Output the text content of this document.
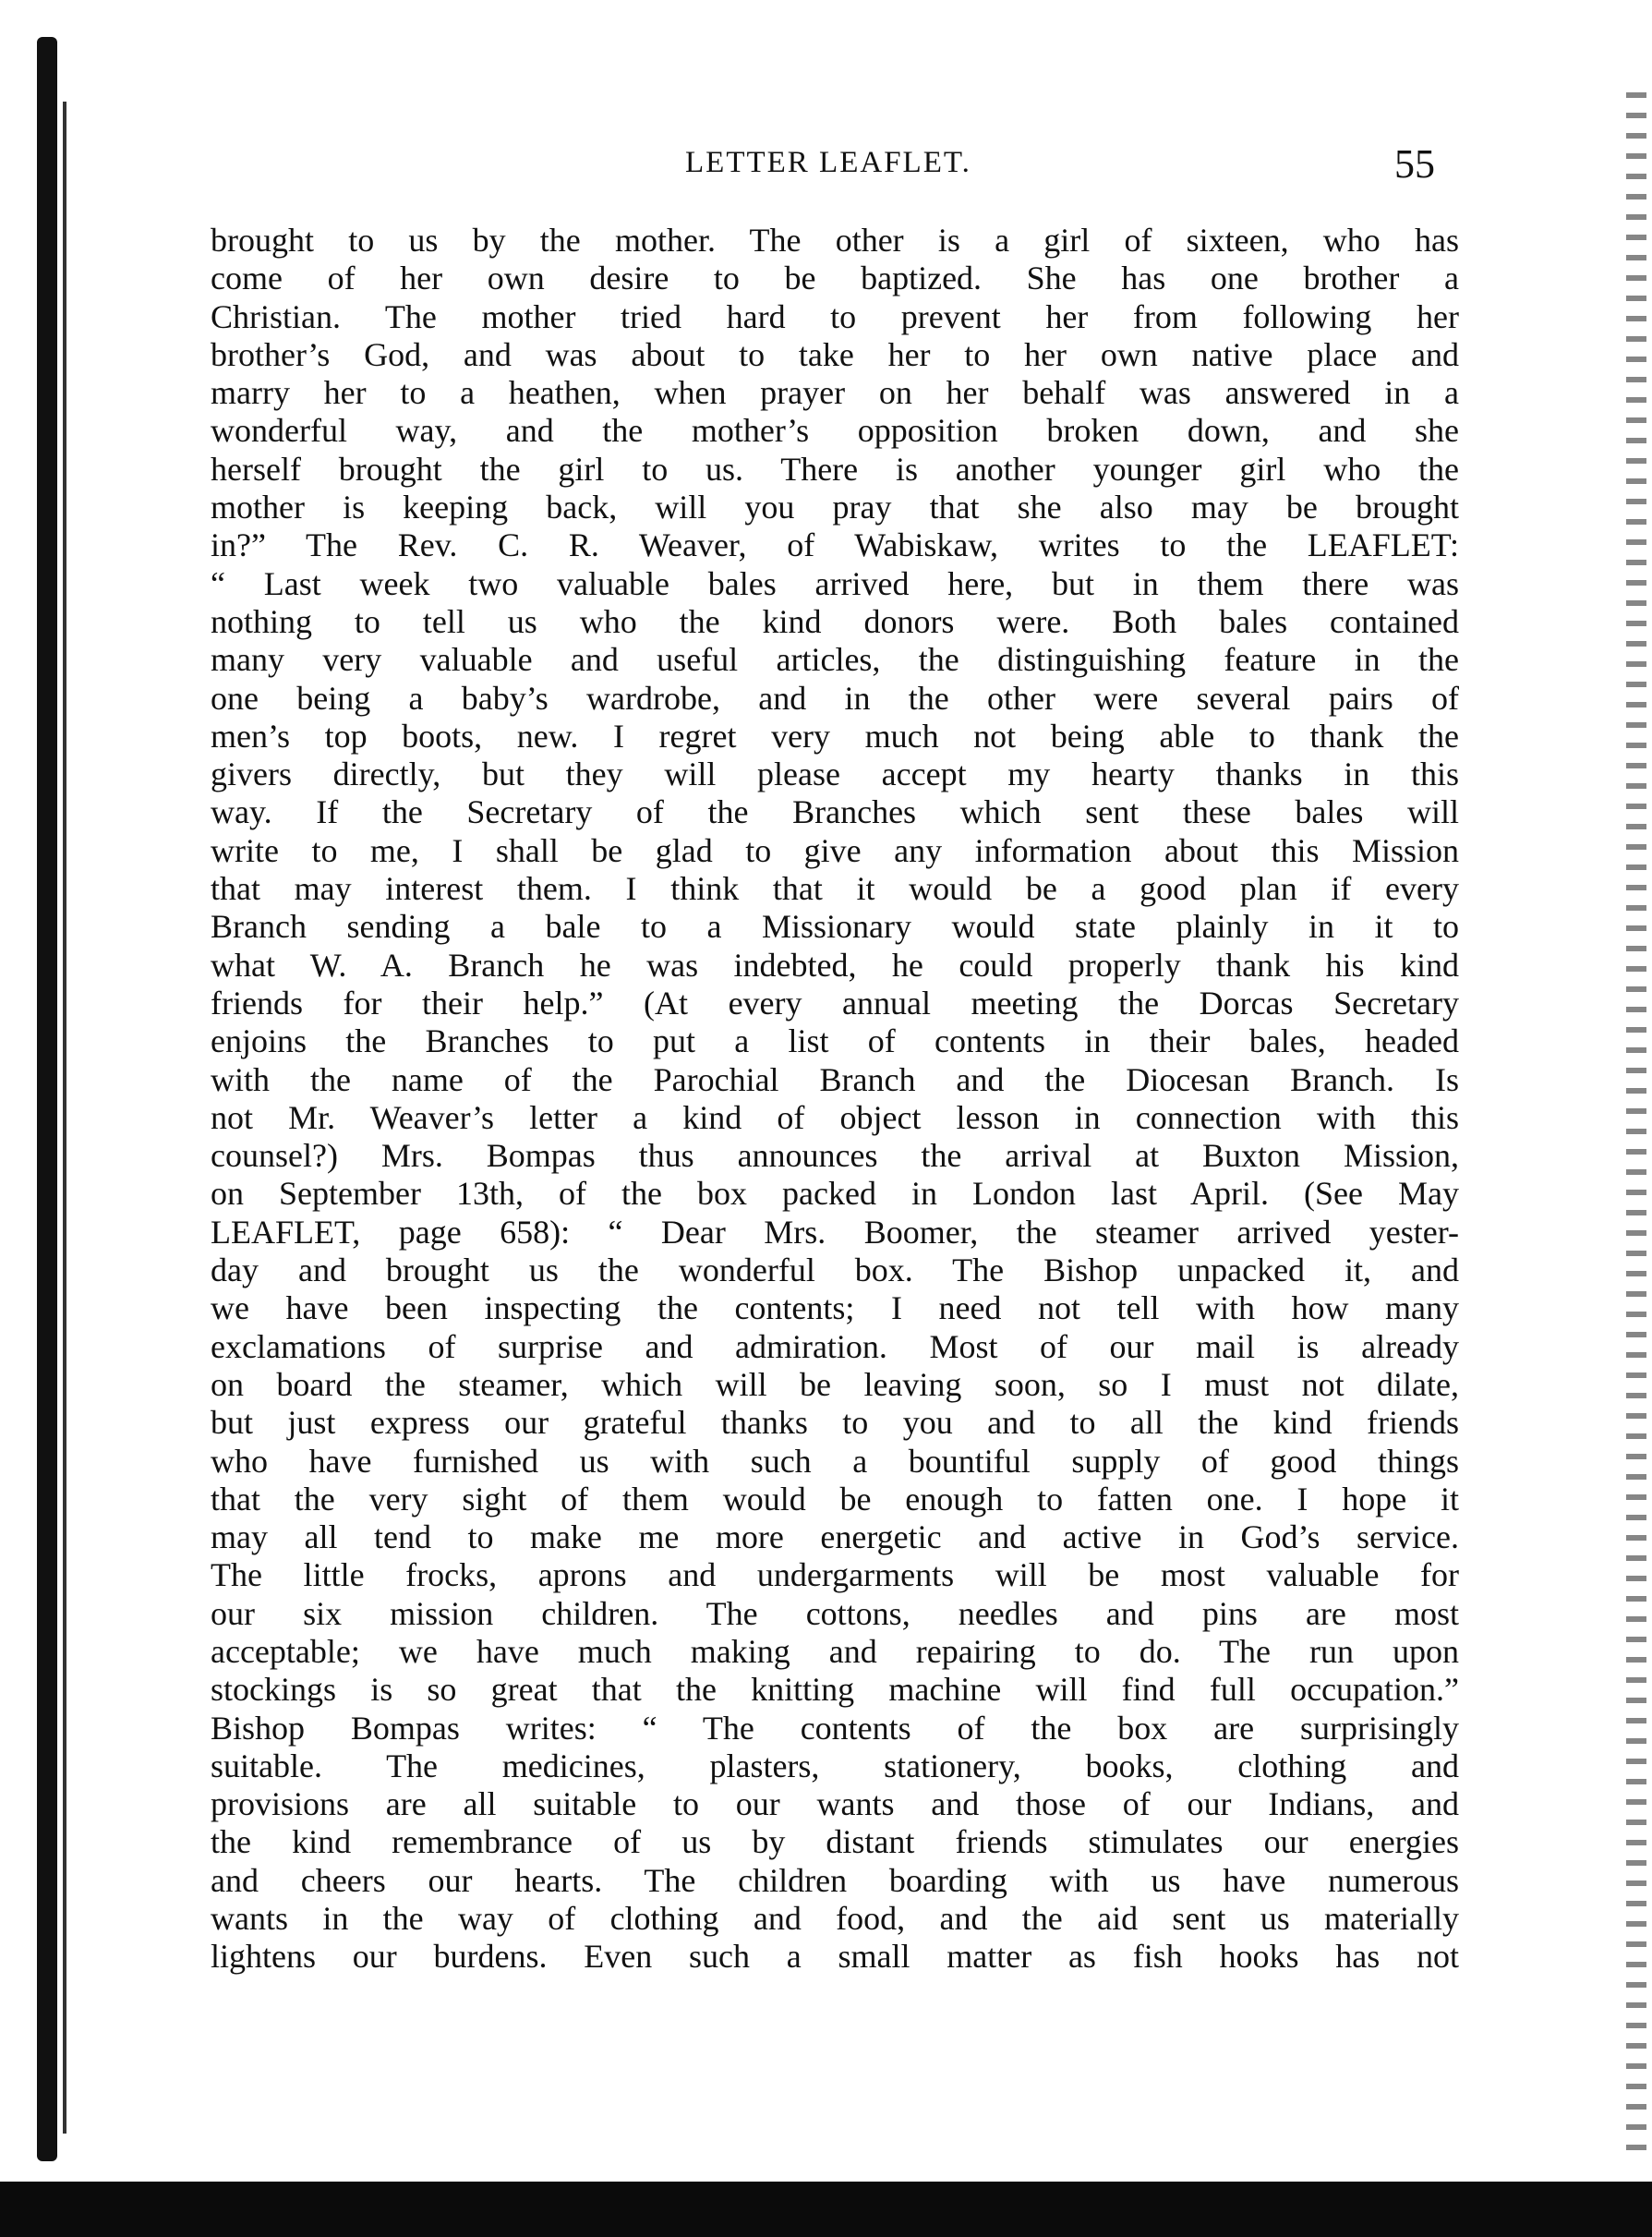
LETTER LEAFLET.	55
brought to us by the mother. The other is a girl of sixteen, who has
come of her own desire to be baptized. She has one brother a
Christian. The mother tried hard to prevent her from following her
brother’s God, and was about to take her to her own native place and
marry her to a heathen, when prayer on her behalf was answered in a
wonderful way, and the mother’s opposition broken down, and she
herself brought the girl to us. There is another younger girl who the
mother is keeping back, will you pray that she also may be brought
in?” The Rev. C. R. Weaver, of Wabiskaw, writes to the LEAFLET:
“ Last week two valuable bales arrived here, but in them there was
nothing to tell us who the kind donors were. Both bales contained
many very valuable and useful articles, the distinguishing feature in the
one being a baby’s wardrobe, and in the other were several pairs of
men’s top boots, new. I regret very much not being able to thank the
givers directly, but they will please accept my hearty thanks in this
way. If the Secretary of the Branches which sent these bales will
write to me, I shall be glad to give any information about this Mission
that may interest them. I think that it would be a good plan if every
Branch sending a bale to a Missionary would state plainly in it to
what W. A. Branch he was indebted, he could properly thank his kind
friends for their help.” (At every annual meeting the Dorcas Secretary
enjoins the Branches to put a list of contents in their bales, headed
with the name of the Parochial Branch and the Diocesan Branch. Is
not Mr. Weaver’s letter a kind of object lesson in connection with this
counsel?) Mrs. Bompas thus announces the arrival at Buxton Mission,
on September 13th, of the box packed in London last April. (See May
LEAFLET, page 658): “ Dear Mrs. Boomer, the steamer arrived yester-
day and brought us the wonderful box. The Bishop unpacked it, and
we have been inspecting the contents; I need not tell with how many
exclamations of surprise and admiration. Most of our mail is already
on board the steamer, which will be leaving soon, so I must not dilate,
but just express our grateful thanks to you and to all the kind friends
who have furnished us with such a bountiful supply of good things
that the very sight of them would be enough to fatten one. I hope it
may all tend to make me more energetic and active in God’s service.
The little frocks, aprons and undergarments will be most valuable for
our six mission children. The cottons, needles and pins are most
acceptable; we have much making and repairing to do. The run upon
stockings is so great that the knitting machine will find full occupation.”
Bishop Bompas writes: “ The contents of the box are surprisingly
suitable. The medicines, plasters, stationery, books, clothing and
provisions are all suitable to our wants and those of our Indians, and
the kind remembrance of us by distant friends stimulates our energies
and cheers our hearts. The children boarding with us have numerous
wants in the way of clothing and food, and the aid sent us materially
lightens our burdens. Even such a small matter as fish hooks has not
